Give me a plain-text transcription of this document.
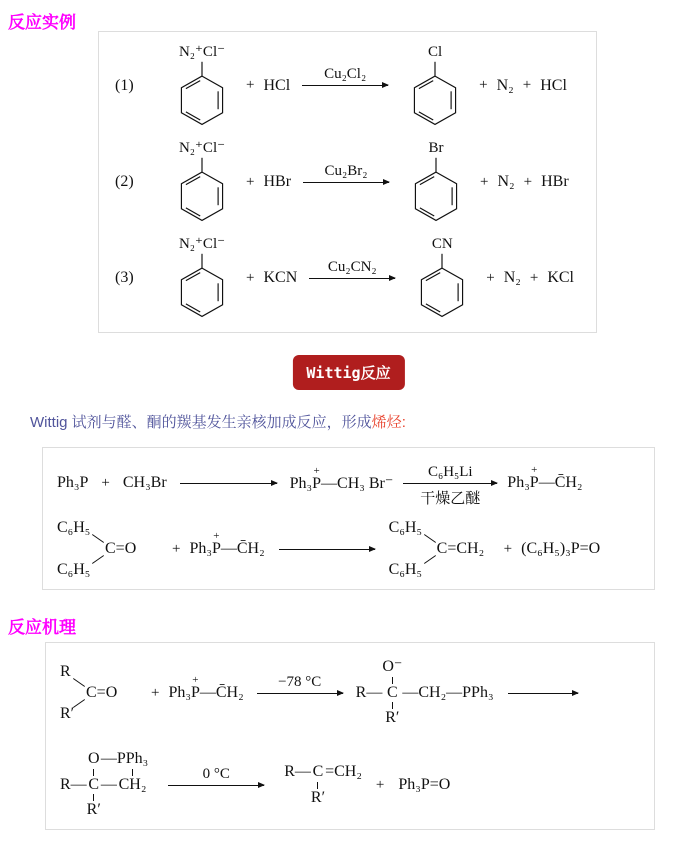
反应实例
(1)
N₂⁺Cl⁻
+ HCl
Cu₂Cl₂
Cl
+ N₂ + HCl
(2)
N₂⁺Cl⁻
+ HBr
Cu₂Br₂
Br
+ N₂ + HBr
(3)
N₂⁺Cl⁻
+ KCN
Cu₂CN₂
CN
+ N₂ + KCl
Wittig反应
Wittig 试剂与醛、酮的羰基发生亲核加成反应，形成烯烃:
Ph₃P + CH₃Br	Ph₃
+
P—CH₃ Br⁻
C₆H₅Li
干燥乙醚
Ph₃
+
P—C̄H₂
C₆H₅
C=O
C₆H₅
+ Ph₃
+
P—C̄H₂
C₆H₅
C=CH₂
C₆H₅
+ (C₆H₅)₃P=O
反应机理
R
C=O
R′
+ Ph₃
+
P—C̄H₂
−78 °C
O⁻
R— C —CH₂—PPh₃
R′
O — PPh₃
R— C — CH₂
R′
0 °C	R— C =CH₂
R′
+ Ph₃P=O
